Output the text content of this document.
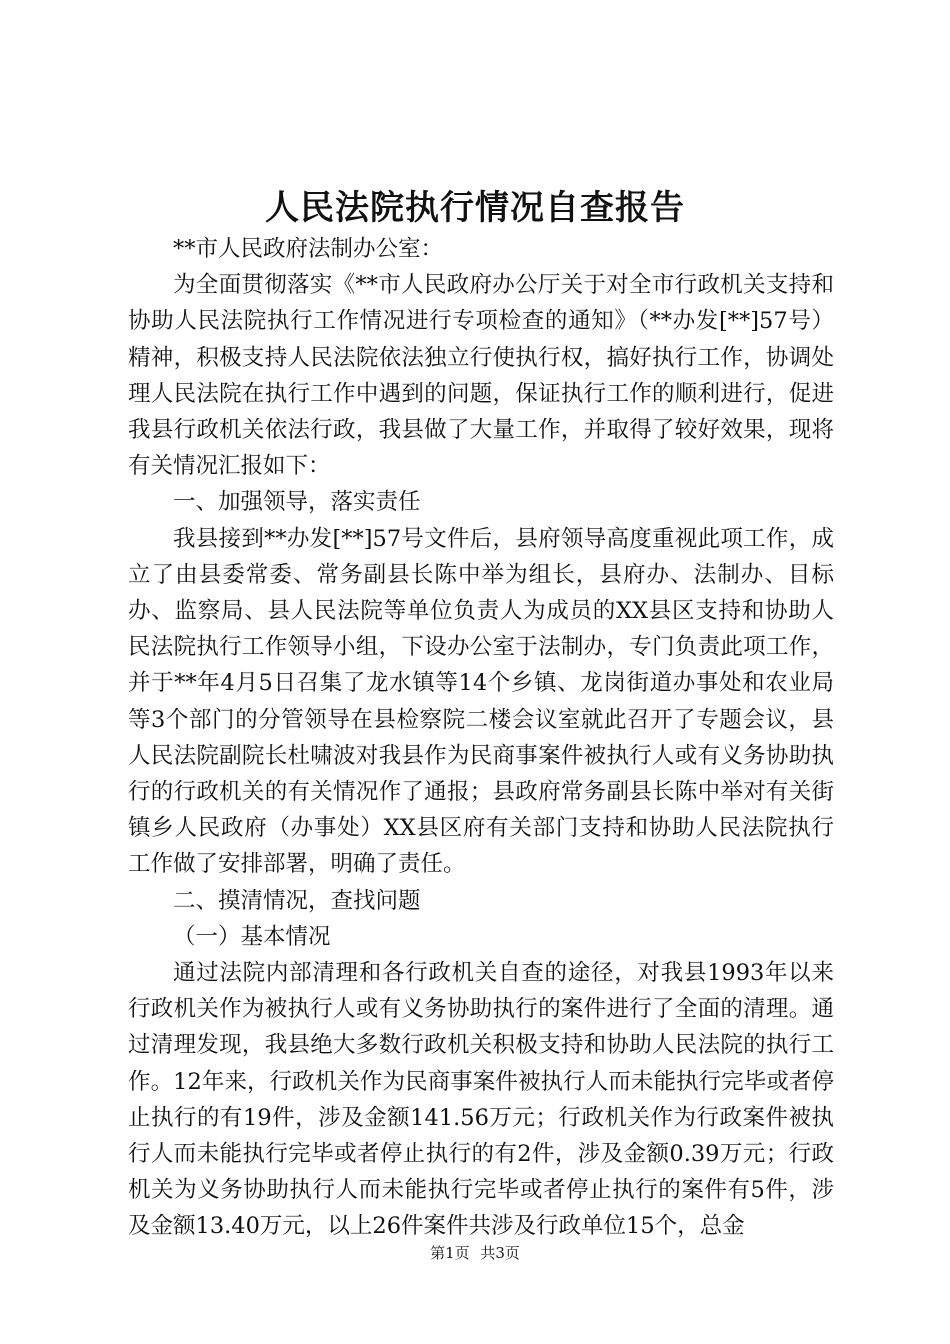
人民法院执行情况自查报告

**市人民政府法制办公室：

为全面贯彻落实《**市人民政府办公厅关于对全市行政机关支持和协助人民法院执行工作情况进行专项检查的通知》（**办发[**]57号）精神，积极支持人民法院依法独立行使执行权，搞好执行工作，协调处理人民法院在执行工作中遇到的问题，保证执行工作的顺利进行，促进我县行政机关依法行政，我县做了大量工作，并取得了较好效果，现将有关情况汇报如下：

一、加强领导，落实责任

我县接到**办发[**]57号文件后，县府领导高度重视此项工作，成立了由县委常委、常务副县长陈中举为组长，县府办、法制办、目标办、监察局、县人民法院等单位负责人为成员的XX县区支持和协助人民法院执行工作领导小组，下设办公室于法制办，专门负责此项工作，并于**年4月5日召集了龙水镇等14个乡镇、龙岗街道办事处和农业局等3个部门的分管领导在县检察院二楼会议室就此召开了专题会议，县人民法院副院长杜啸波对我县作为民商事案件被执行人或有义务协助执行的行政机关的有关情况作了通报；县政府常务副县长陈中举对有关街镇乡人民政府（办事处）XX县区府有关部门支持和协助人民法院执行工作做了安排部署，明确了责任。

二、摸清情况，查找问题

（一）基本情况

通过法院内部清理和各行政机关自查的途径，对我县1993年以来行政机关作为被执行人或有义务协助执行的案件进行了全面的清理。通过清理发现，我县绝大多数行政机关积极支持和协助人民法院的执行工作。12年来，行政机关作为民商事案件被执行人而未能执行完毕或者停止执行的有19件，涉及金额141.56万元；行政机关作为行政案件被执行人而未能执行完毕或者停止执行的有2件，涉及金额0.39万元；行政机关为义务协助执行人而未能执行完毕或者停止执行的案件有5件，涉及金额13.40万元，以上26件案件共涉及行政单位15个，总金

第1页 共3页
